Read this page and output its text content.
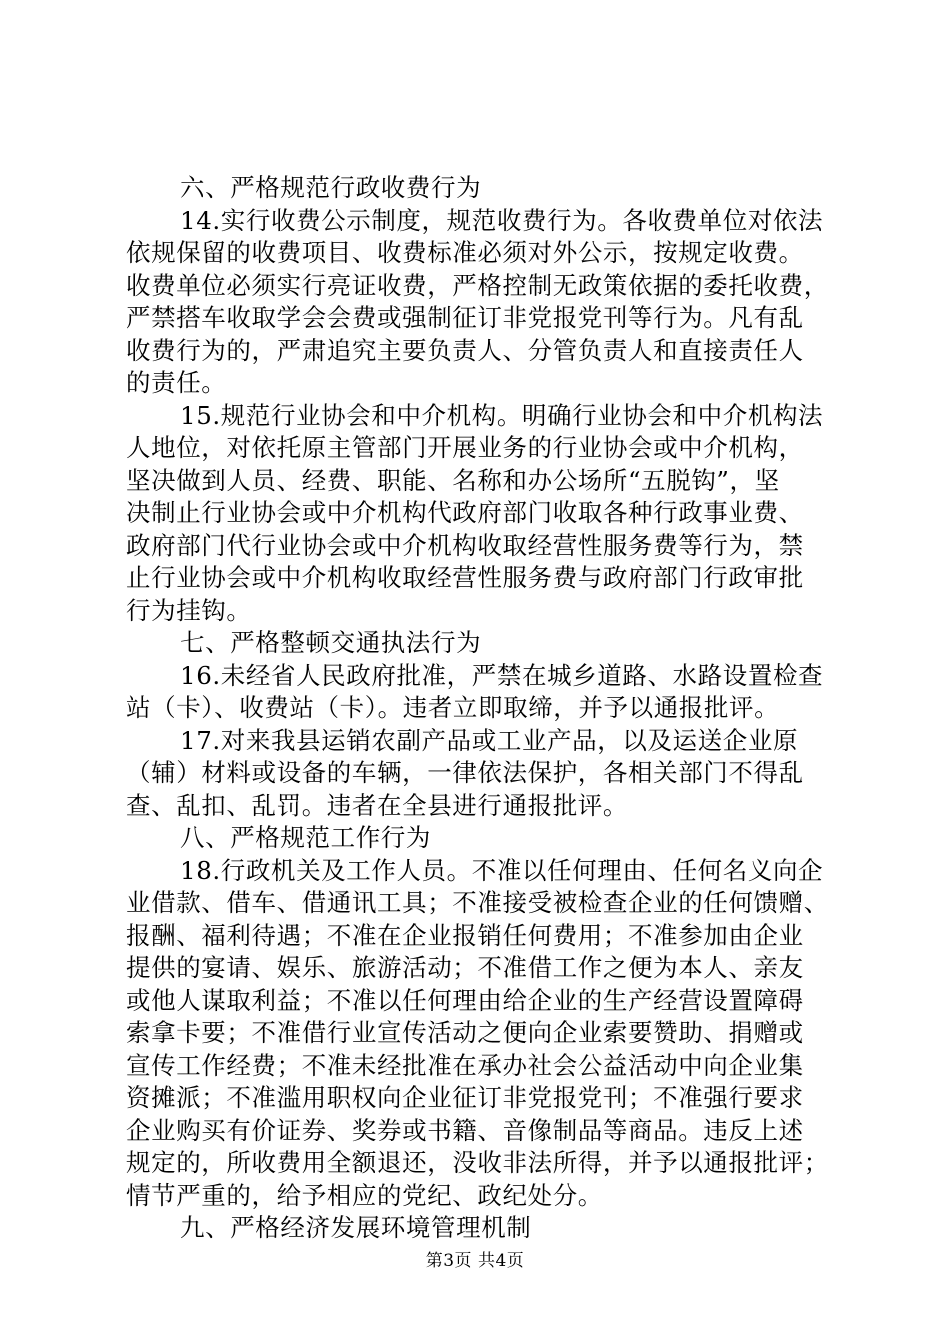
六、严格规范行政收费行为
14.实行收费公示制度，规范收费行为。各收费单位对依法
依规保留的收费项目、收费标准必须对外公示，按规定收费。
收费单位必须实行亮证收费，严格控制无政策依据的委托收费，
严禁搭车收取学会会费或强制征订非党报党刊等行为。凡有乱
收费行为的，严肃追究主要负责人、分管负责人和直接责任人
的责任。
15.规范行业协会和中介机构。明确行业协会和中介机构法
人地位，对依托原主管部门开展业务的行业协会或中介机构，
坚决做到人员、经费、职能、名称和办公场所“五脱钩”，坚
决制止行业协会或中介机构代政府部门收取各种行政事业费、
政府部门代行业协会或中介机构收取经营性服务费等行为，禁
止行业协会或中介机构收取经营性服务费与政府部门行政审批
行为挂钩。
七、严格整顿交通执法行为
16.未经省人民政府批准，严禁在城乡道路、水路设置检查
站（卡）、收费站（卡）。违者立即取缔，并予以通报批评。
17.对来我县运销农副产品或工业产品，以及运送企业原
（辅）材料或设备的车辆，一律依法保护，各相关部门不得乱
查、乱扣、乱罚。违者在全县进行通报批评。
八、严格规范工作行为
18.行政机关及工作人员。不准以任何理由、任何名义向企
业借款、借车、借通讯工具；不准接受被检查企业的任何馈赠、
报酬、福利待遇；不准在企业报销任何费用；不准参加由企业
提供的宴请、娱乐、旅游活动；不准借工作之便为本人、亲友
或他人谋取利益；不准以任何理由给企业的生产经营设置障碍
索拿卡要；不准借行业宣传活动之便向企业索要赞助、捐赠或
宣传工作经费；不准未经批准在承办社会公益活动中向企业集
资摊派；不准滥用职权向企业征订非党报党刊；不准强行要求
企业购买有价证券、奖券或书籍、音像制品等商品。违反上述
规定的，所收费用全额退还，没收非法所得，并予以通报批评；
情节严重的，给予相应的党纪、政纪处分。
九、严格经济发展环境管理机制
第3页 共4页
